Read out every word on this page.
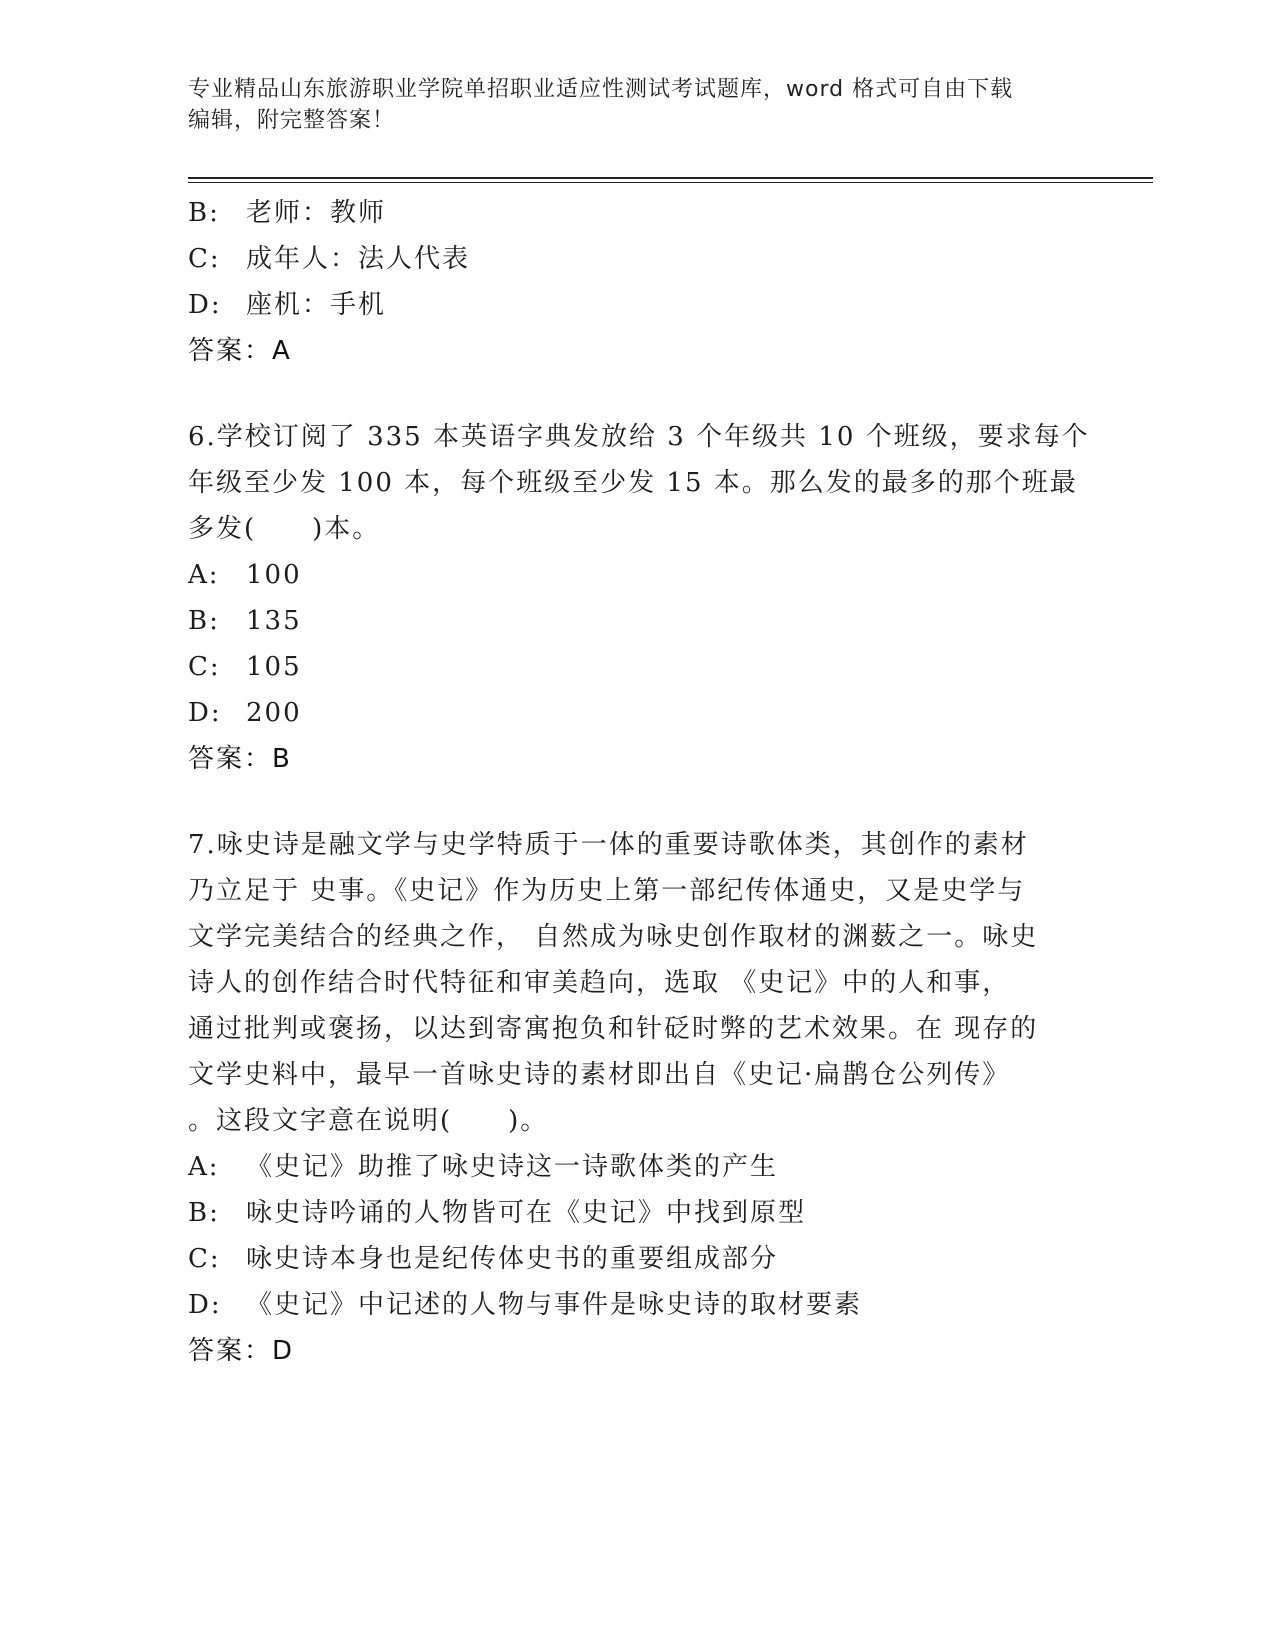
专业精品山东旅游职业学院单招职业适应性测试考试题库，word 格式可自由下载
编辑，附完整答案！
B: 老师：教师
C: 成年人：法人代表
D: 座机：手机
答案：A
6.学校订阅了 335 本英语字典发放给 3 个年级共 10 个班级，要求每个
年级至少发 100 本，每个班级至少发 15 本。那么发的最多的那个班最
多发(　　)本。
A: 100
B: 135
C: 105
D: 200
答案：B
7.咏史诗是融文学与史学特质于一体的重要诗歌体类，其创作的素材
乃立足于 史事。《史记》作为历史上第一部纪传体通史，又是史学与
文学完美结合的经典之作， 自然成为咏史创作取材的渊薮之一。咏史
诗人的创作结合时代特征和审美趋向，选取 《史记》中的人和事，
通过批判或褒扬，以达到寄寓抱负和针砭时弊的艺术效果。在 现存的
文学史料中，最早一首咏史诗的素材即出自《史记·扁鹊仓公列传》
。这段文字意在说明(　　)。
A: 《史记》助推了咏史诗这一诗歌体类的产生
B: 咏史诗吟诵的人物皆可在《史记》中找到原型
C: 咏史诗本身也是纪传体史书的重要组成部分
D: 《史记》中记述的人物与事件是咏史诗的取材要素
答案：D
